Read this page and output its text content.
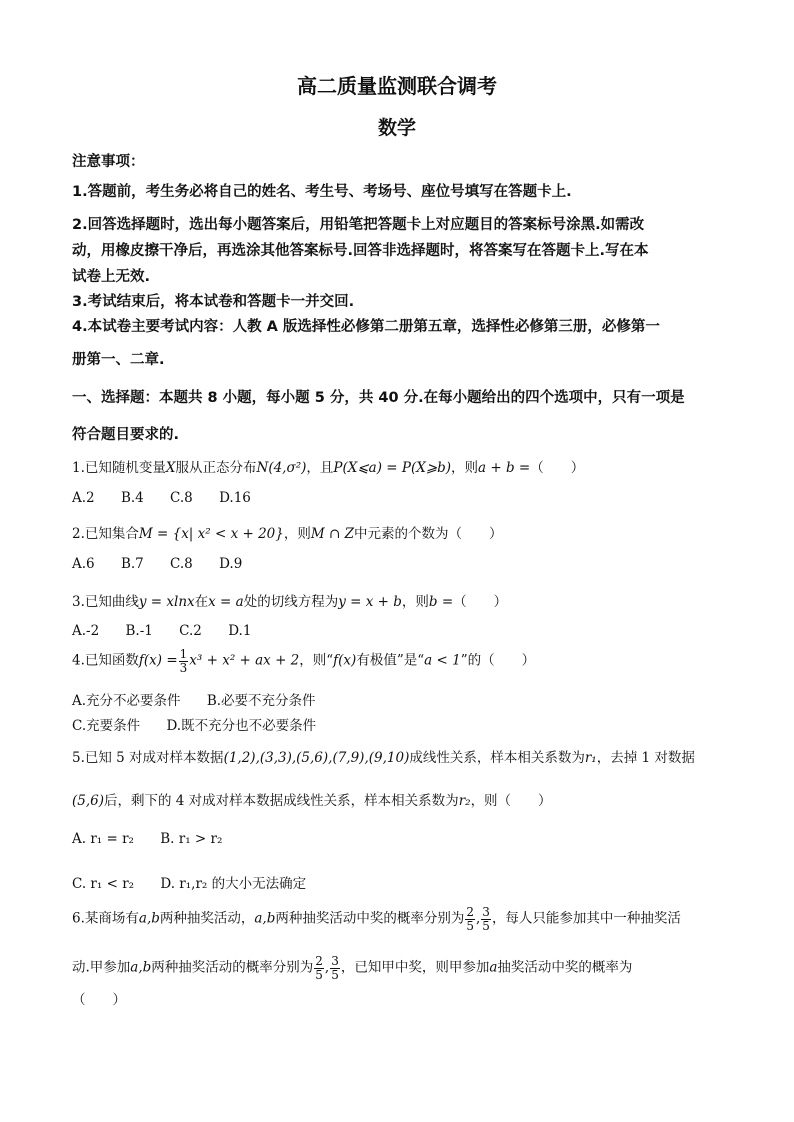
高二质量监测联合调考
数学
注意事项：
1.答题前，考生务必将自己的姓名、考生号、考场号、座位号填写在答题卡上.
2.回答选择题时，选出每小题答案后，用铅笔把答题卡上对应题目的答案标号涂黑.如需改
动，用橡皮擦干净后，再选涂其他答案标号.回答非选择题时，将答案写在答题卡上.写在本
试卷上无效.
3.考试结束后，将本试卷和答题卡一并交回.
4.本试卷主要考试内容：人教 A 版选择性必修第二册第五章，选择性必修第三册，必修第一
册第一、二章.
一、选择题：本题共 8 小题，每小题 5 分，共 40 分.在每小题给出的四个选项中，只有一项是
符合题目要求的.
1.已知随机变量X服从正态分布N(4,σ²)，且P(X⩽a) = P(X⩾b)，则a + b =（　　）
A.2 B.4 C.8 D.16
2.已知集合M = {x| x² < x + 20}，则M ∩ Z中元素的个数为（　　）
A.6 B.7 C.8 D.9
3.已知曲线y = xlnx在x = a处的切线方程为y = x + b，则b =（　　）
A.-2 B.-1 C.2 D.1
4.已知函数$f(x) = \frac{1}{3} x^3 + x^2$ + ax + 2，则“f(x)有极值”是“a < 1”的（　　）
A.充分不必要条件 B.必要不充分条件
C.充要条件 D.既不充分也不必要条件
5.已知 5 对成对样本数据(1,2),(3,3),(5,6),(7,9),(9,10)成线性关系，样本相关系数为r₁，去掉 1 对数据
(5,6)后，剩下的 4 对成对样本数据成线性关系，样本相关系数为r₂，则（　　）
A. r₁ = r₂ B. r₁ > r₂
C. r₁ < r₂ D. r₁,r₂ 的大小无法确定
6.某商场有a,b两种抽奖活动，a,b两种抽奖活动中奖的概率分别为 $\frac{2}{5}$ , $\frac{3}{5}$ ，每人只能参加其中一种抽奖活
动.甲参加a,b两种抽奖活动的概率分别为 $\frac{2}{5}$ , $\frac{3}{5}$ ，已知甲中奖，则甲参加a抽奖活动中奖的概率为
（　　）
